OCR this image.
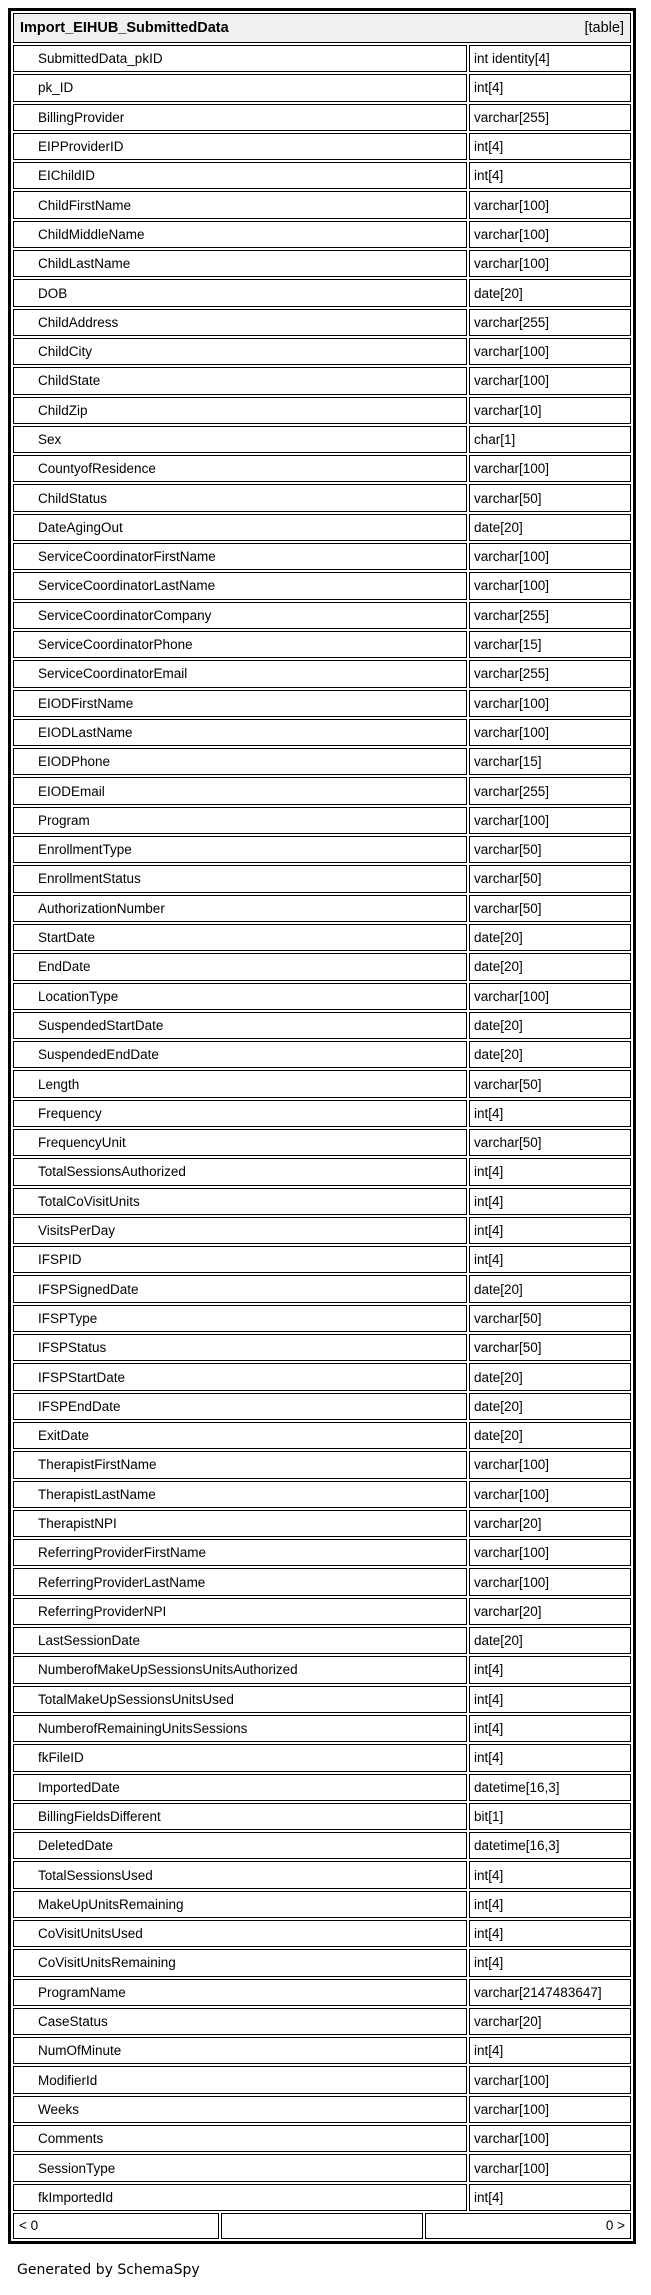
Import_EIHUB_SubmittedData	[table]
SubmittedData_pkID	int identity[4]
pk_ID	int[4]
BillingProvider	varchar[255]
EIPProviderID	int[4]
EIChildID	int[4]
ChildFirstName	varchar[100]
ChildMiddleName	varchar[100]
ChildLastName	varchar[100]
DOB	date[20]
ChildAddress	varchar[255]
ChildCity	varchar[100]
ChildState	varchar[100]
ChildZip	varchar[10]
Sex	char[1]
CountyofResidence	varchar[100]
ChildStatus	varchar[50]
DateAgingOut	date[20]
ServiceCoordinatorFirstName	varchar[100]
ServiceCoordinatorLastName	varchar[100]
ServiceCoordinatorCompany	varchar[255]
ServiceCoordinatorPhone	varchar[15]
ServiceCoordinatorEmail	varchar[255]
EIODFirstName	varchar[100]
EIODLastName	varchar[100]
EIODPhone	varchar[15]
EIODEmail	varchar[255]
Program	varchar[100]
EnrollmentType	varchar[50]
EnrollmentStatus	varchar[50]
AuthorizationNumber	varchar[50]
StartDate	date[20]
EndDate	date[20]
LocationType	varchar[100]
SuspendedStartDate	date[20]
SuspendedEndDate	date[20]
Length	varchar[50]
Frequency	int[4]
FrequencyUnit	varchar[50]
TotalSessionsAuthorized	int[4]
TotalCoVisitUnits	int[4]
VisitsPerDay	int[4]
IFSPID	int[4]
IFSPSignedDate	date[20]
IFSPType	varchar[50]
IFSPStatus	varchar[50]
IFSPStartDate	date[20]
IFSPEndDate	date[20]
ExitDate	date[20]
TherapistFirstName	varchar[100]
TherapistLastName	varchar[100]
TherapistNPI	varchar[20]
ReferringProviderFirstName	varchar[100]
ReferringProviderLastName	varchar[100]
ReferringProviderNPI	varchar[20]
LastSessionDate	date[20]
NumberofMakeUpSessionsUnitsAuthorized	int[4]
TotalMakeUpSessionsUnitsUsed	int[4]
NumberofRemainingUnitsSessions	int[4]
fkFileID	int[4]
ImportedDate	datetime[16,3]
BillingFieldsDifferent	bit[1]
DeletedDate	datetime[16,3]
TotalSessionsUsed	int[4]
MakeUpUnitsRemaining	int[4]
CoVisitUnitsUsed	int[4]
CoVisitUnitsRemaining	int[4]
ProgramName	varchar[2147483647]
CaseStatus	varchar[20]
NumOfMinute	int[4]
ModifierId	varchar[100]
Weeks	varchar[100]
Comments	varchar[100]
SessionType	varchar[100]
fkImportedId	int[4]
< 0	0 >
Generated by SchemaSpy
